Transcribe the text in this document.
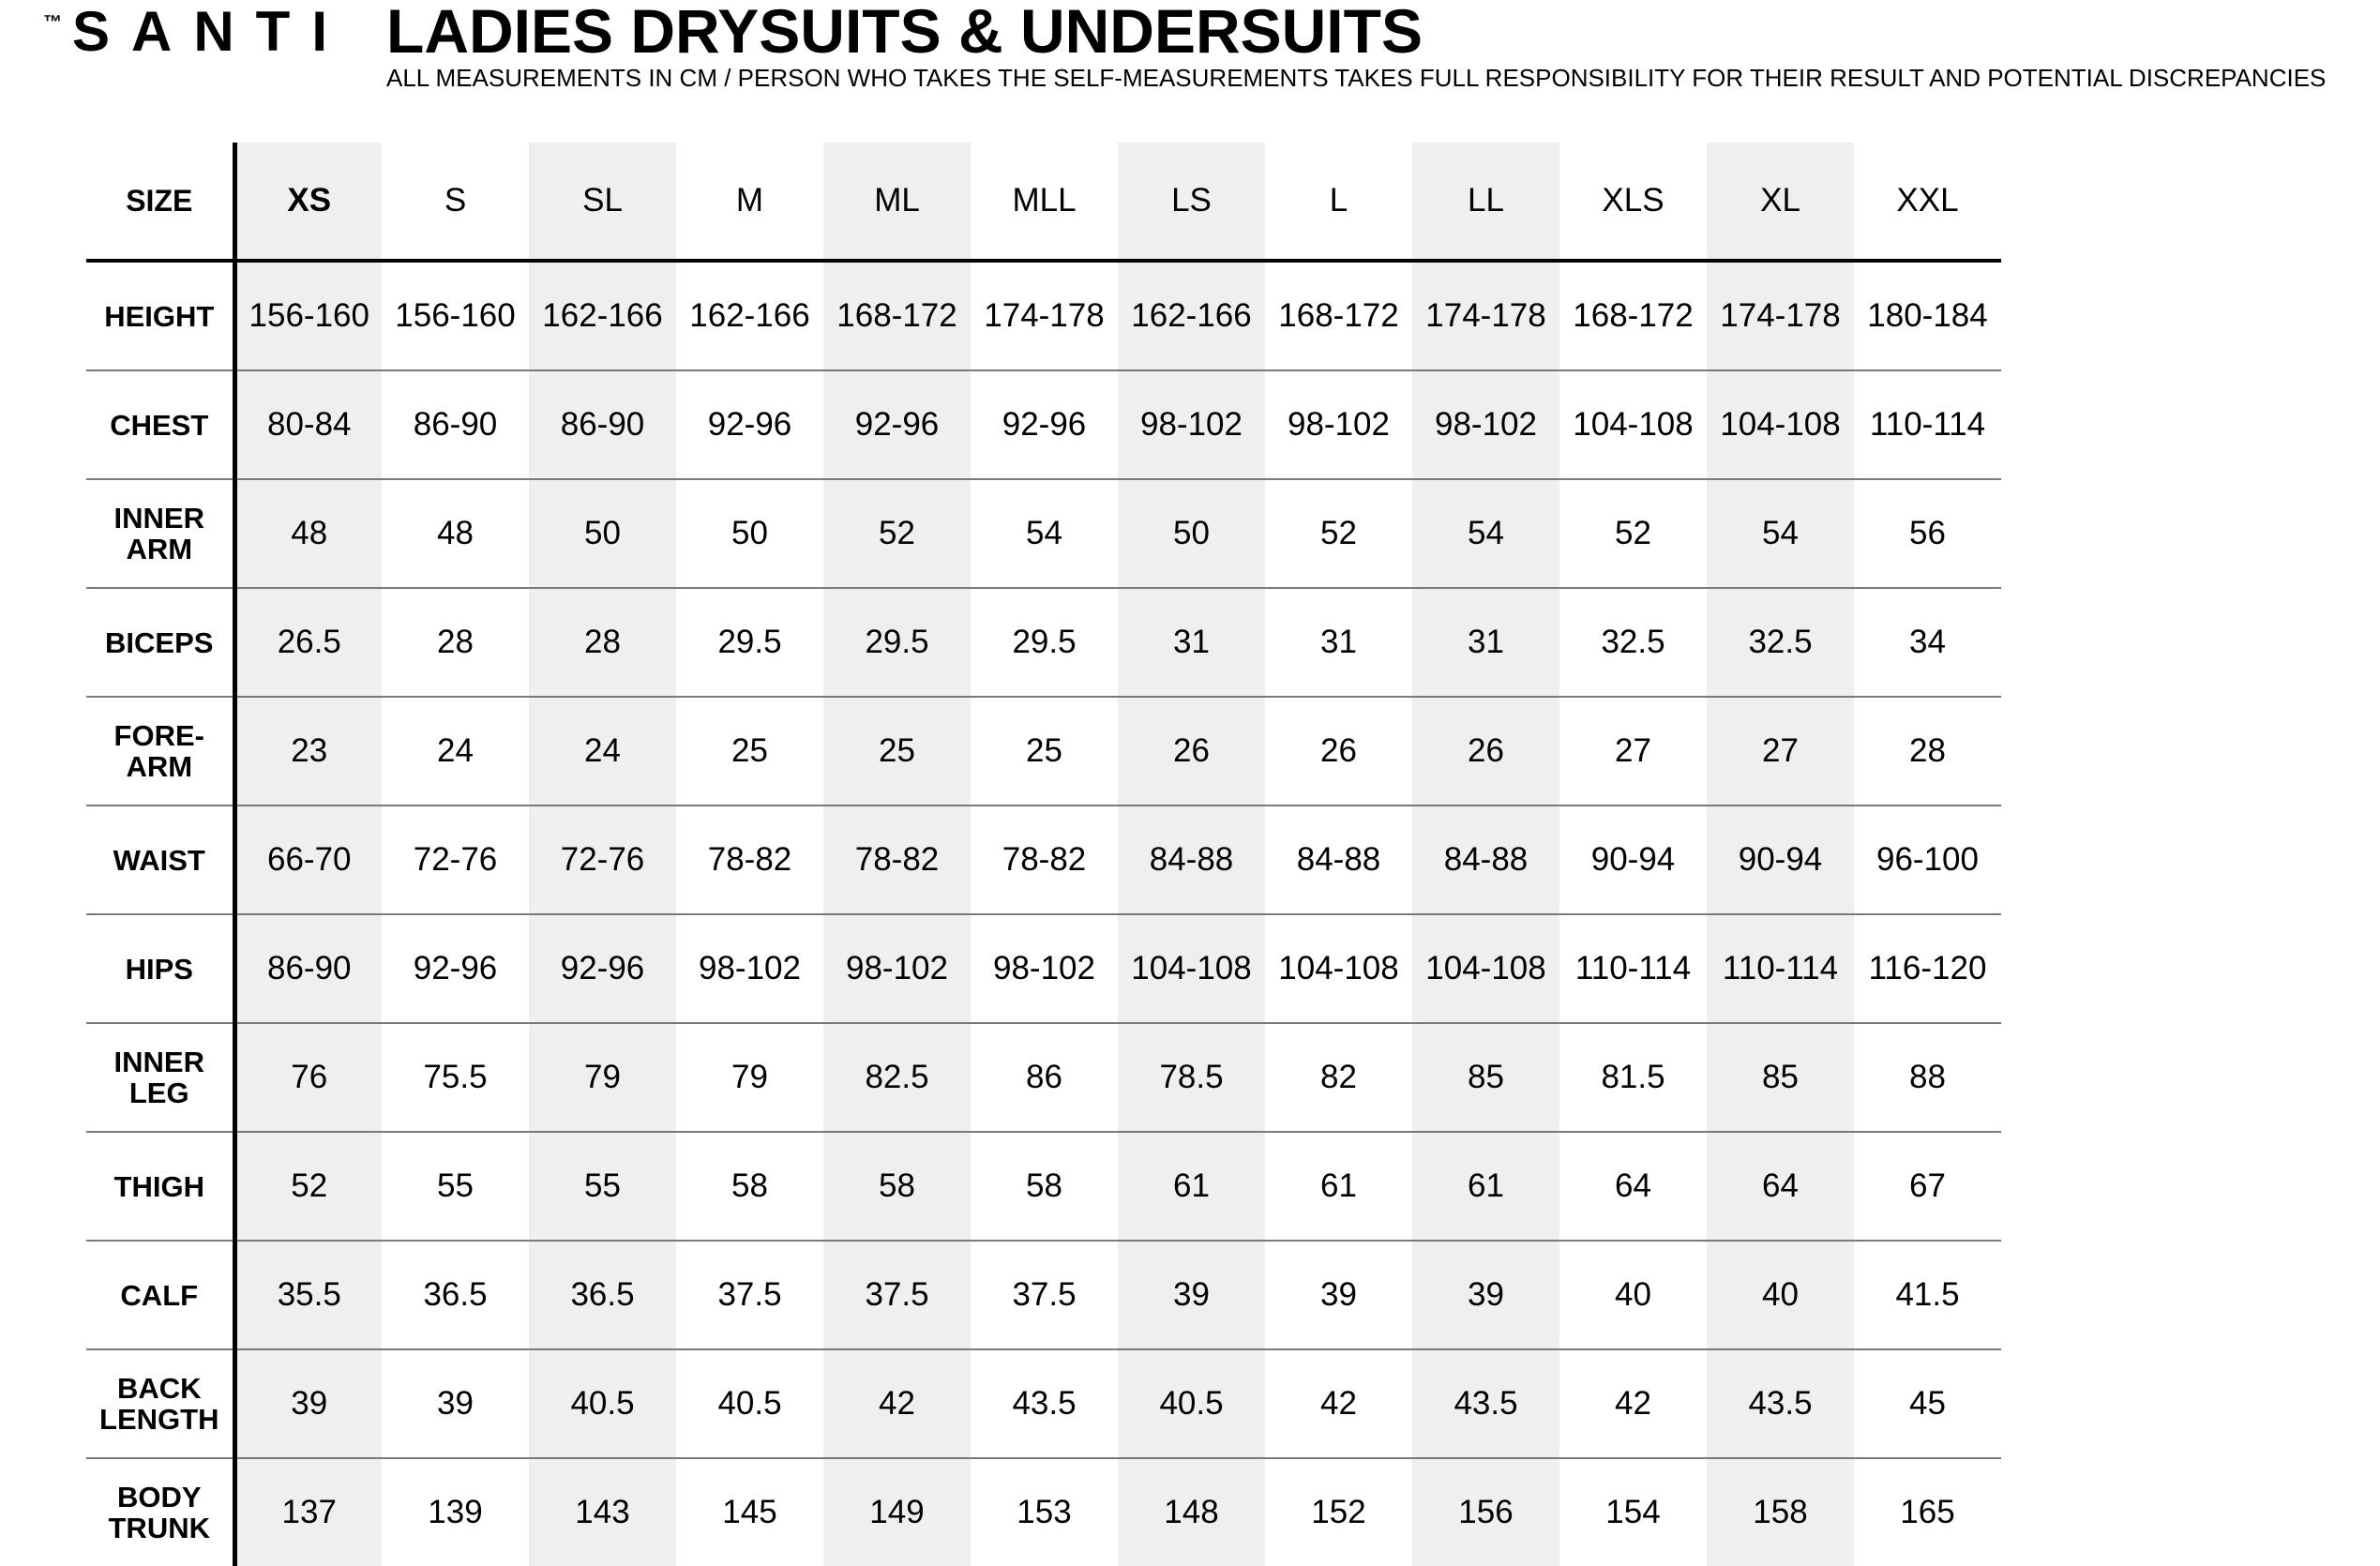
™ SANTI LADIES DRYSUITS & UNDERSUITS
ALL MEASUREMENTS IN CM / PERSON WHO TAKES THE SELF-MEASUREMENTS TAKES FULL RESPONSIBILITY FOR THEIR RESULT AND POTENTIAL DISCREPANCIES
SIZE	XS	S	SL	M	ML	MLL	LS	L	LL	XLS	XL	XXL

HEIGHT	156-160	156-160	162-166	162-166	168-172	174-178	162-166	168-172	174-178	168-172	174-178	180-184

CHEST	80-84	86-90	86-90	92-96	92-96	92-96	98-102	98-102	98-102	104-108	104-108	110-114

INNER
ARM	48	48	50	50	52	54	50	52	54	52	54	56

BICEPS	26.5	28	28	29.5	29.5	29.5	31	31	31	32.5	32.5	34

FORE-
ARM	23	24	24	25	25	25	26	26	26	27	27	28

WAIST	66-70	72-76	72-76	78-82	78-82	78-82	84-88	84-88	84-88	90-94	90-94	96-100

HIPS	86-90	92-96	92-96	98-102	98-102	98-102	104-108	104-108	104-108	110-114	110-114	116-120

INNER
LEG	76	75.5	79	79	82.5	86	78.5	82	85	81.5	85	88

THIGH	52	55	55	58	58	58	61	61	61	64	64	67

CALF	35.5	36.5	36.5	37.5	37.5	37.5	39	39	39	40	40	41.5

BACK
LENGTH	39	39	40.5	40.5	42	43.5	40.5	42	43.5	42	43.5	45

BODY
TRUNK	137	139	143	145	149	153	148	152	156	154	158	165
